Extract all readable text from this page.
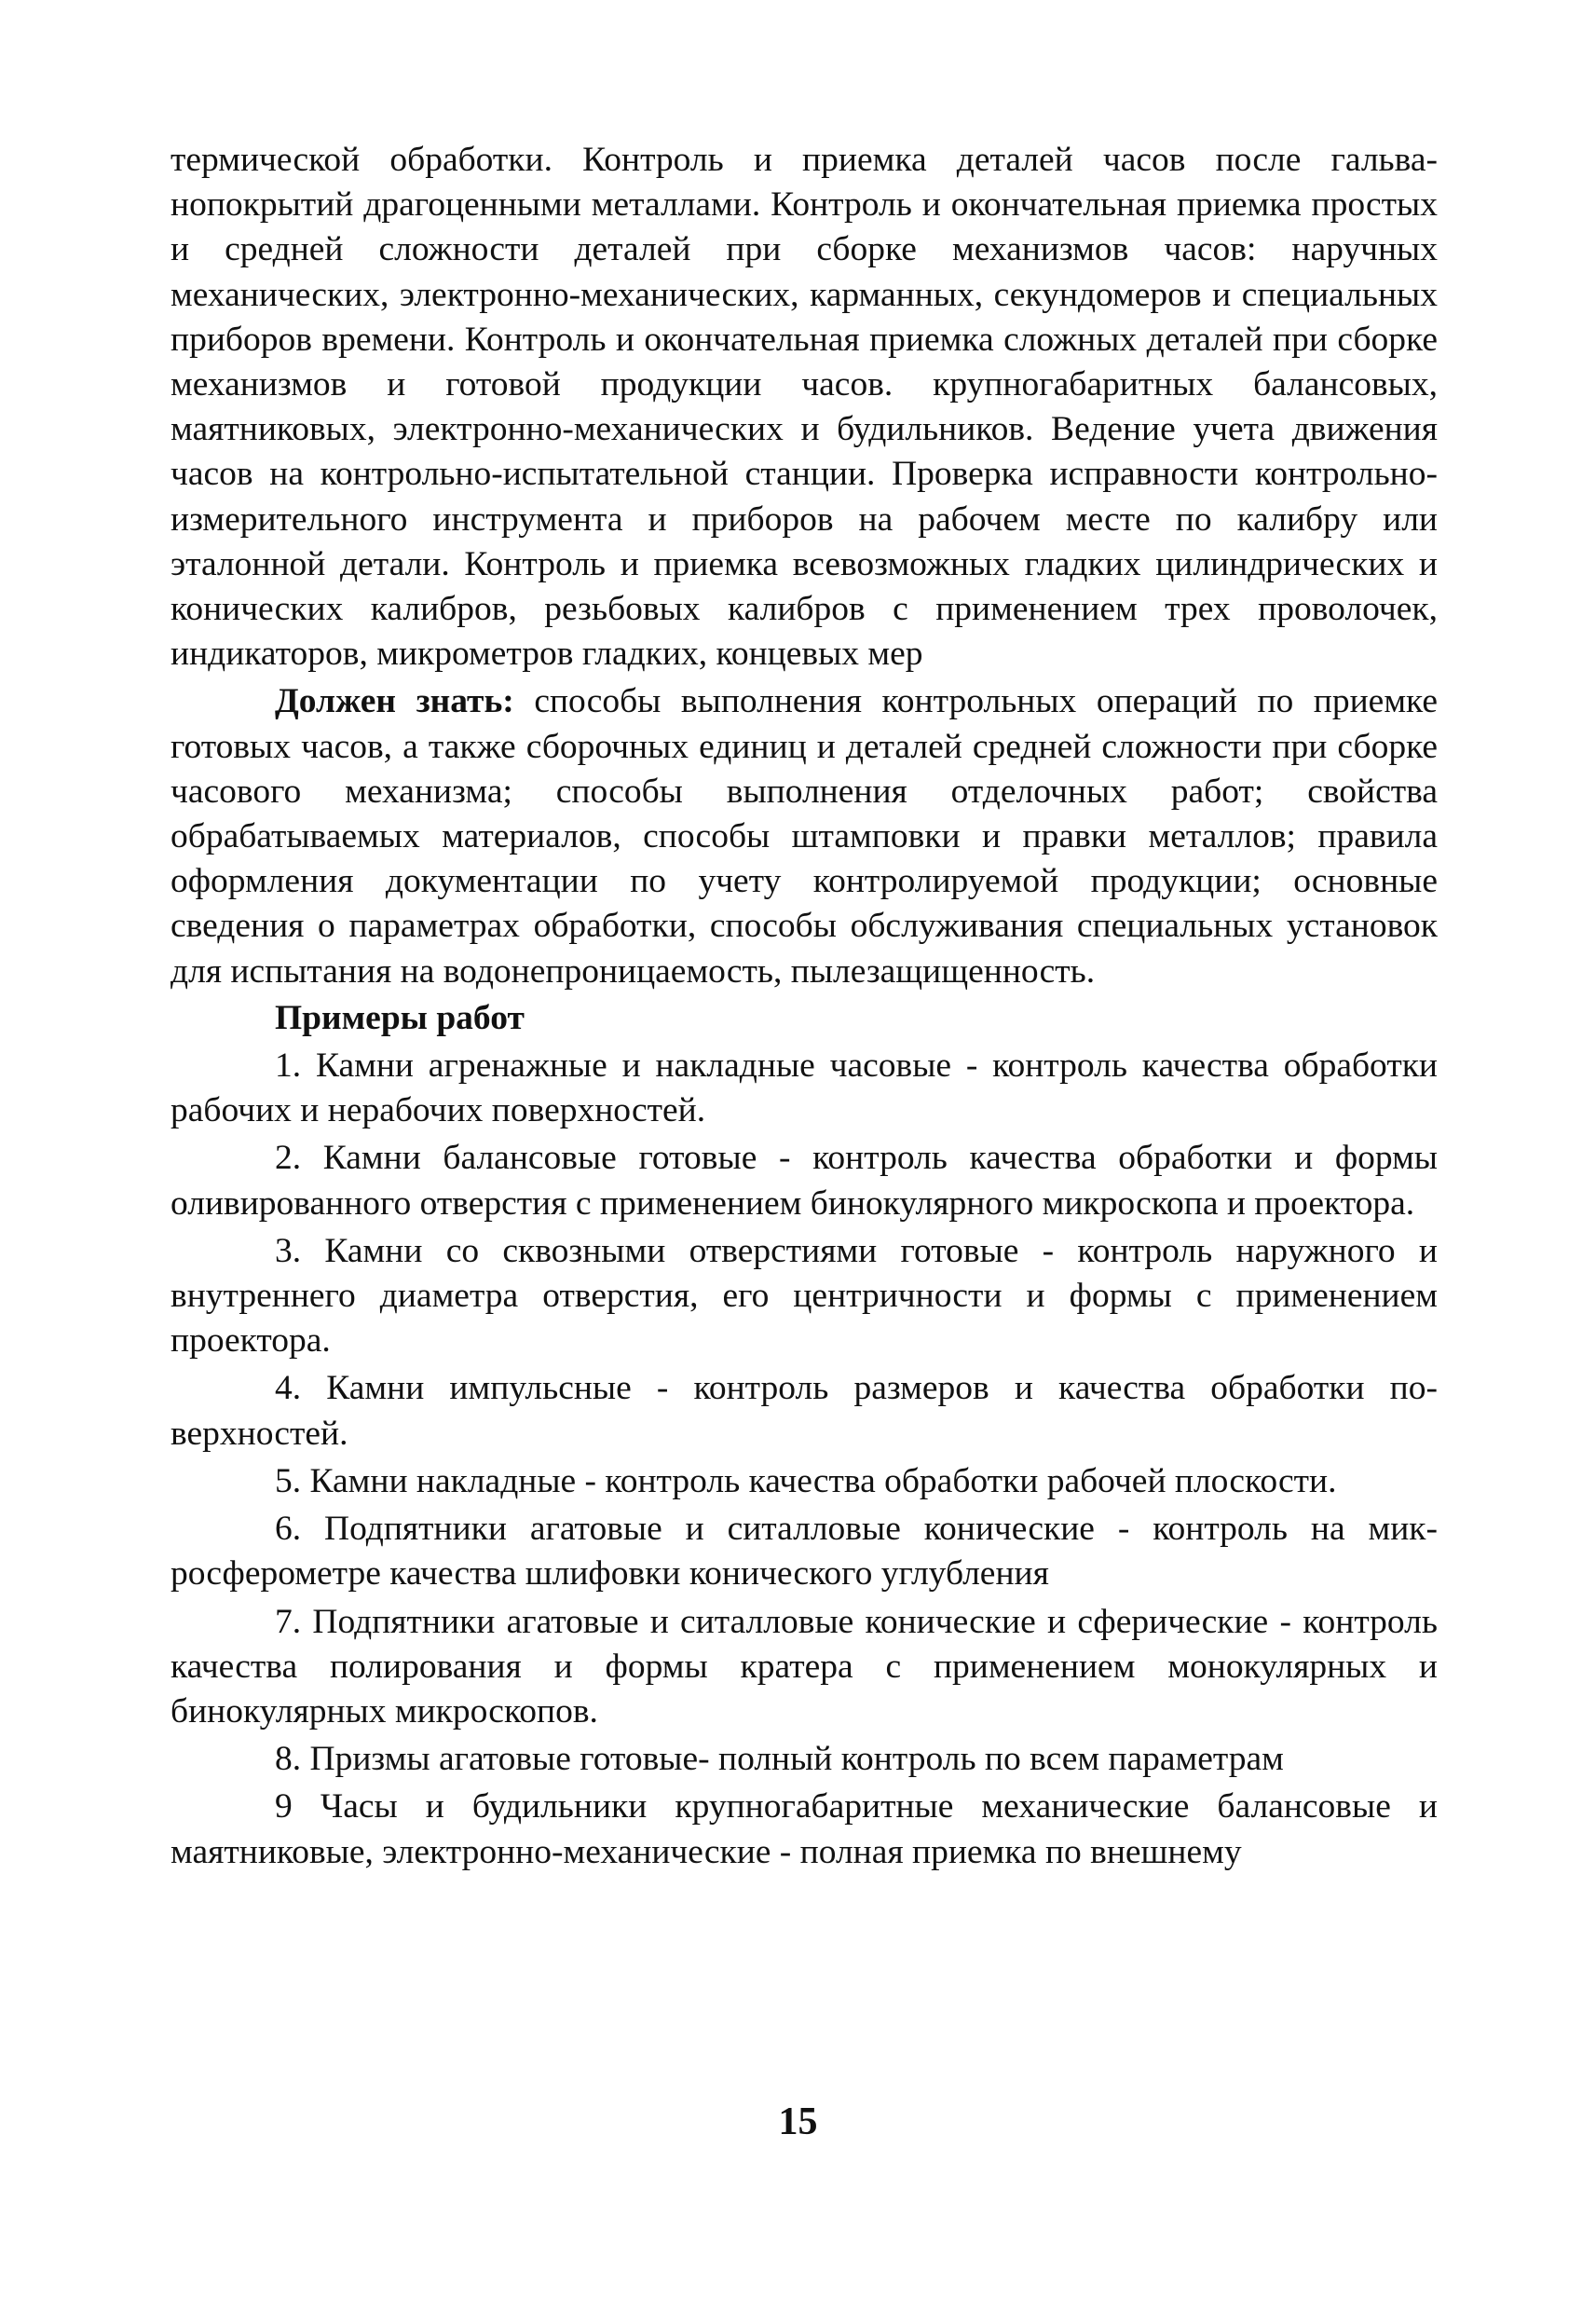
термической обработки. Контроль и приемка деталей часов после гальванопокрытий драгоценными металлами. Контроль и окончательная приемка простых и средней сложности деталей при сборке механизмов часов: наручных механических, электронно-механических, карманных, секундомеров и специальных приборов времени. Контроль и окончательная приемка сложных деталей при сборке механизмов и готовой продукции часов. крупногабаритных балансовых, маятниковых, электронно-механических и будильников. Ведение учета движения часов на контрольно-испытательной станции. Проверка исправности контрольно-измерительного инструмента и приборов на рабочем месте по калибру или эталонной детали. Контроль и приемка всевозможных гладких цилиндрических и конических калибров, резьбовых калибров с применением трех проволочек, индикаторов, микрометров гладких, концевых мер

Должен знать: способы выполнения контрольных операций по приемке готовых часов, а также сборочных единиц и деталей средней сложности при сборке часового механизма; способы выполнения отделочных работ; свойства обрабатываемых материалов, способы штамповки и правки металлов; правила оформления документации по учету контролируемой продукции; основные сведения о параметрах обработки, способы обслуживания специальных установок для испытания на водонепроницаемость, пылезащищенность.

Примеры работ

1. Камни агренажные и накладные часовые - контроль качества обработки рабочих и нерабочих поверхностей.

2. Камни балансовые готовые - контроль качества обработки и формы оливированного отверстия с применением бинокулярного микроскопа и проектора.

3. Камни со сквозными отверстиями готовые - контроль наружного и внутреннего диаметра отверстия, его центричности и формы с применением проектора.

4. Камни импульсные - контроль размеров и качества обработки поверхностей.

5. Камни накладные - контроль качества обработки рабочей плоскости.

6. Подпятники агатовые и ситалловые конические - контроль на микросферометре качества шлифовки конического углубления

7. Подпятники агатовые и ситалловые конические и сферические - контроль качества полирования и формы кратера с применением монокулярных и бинокулярных микроскопов.

8. Призмы агатовые готовые- полный контроль по всем параметрам

9 Часы и будильники крупногабаритные механические балансовые и маятниковые, электронно-механические - полная приемка по внешнему

15
